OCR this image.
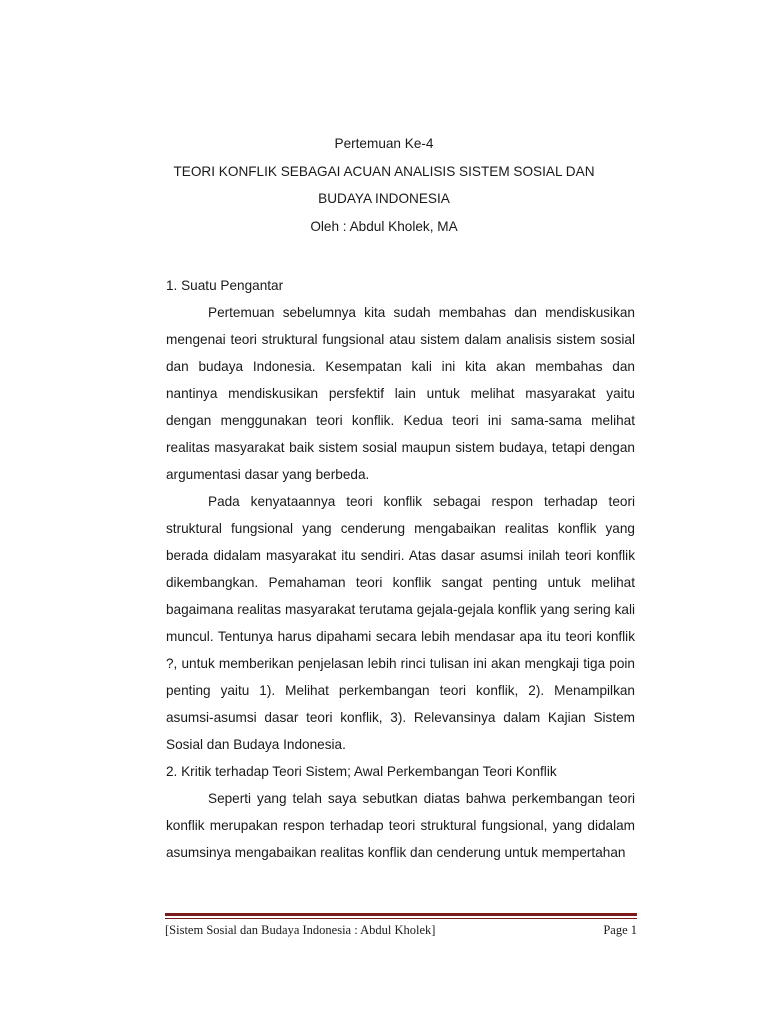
Pertemuan Ke-4
TEORI KONFLIK SEBAGAI ACUAN ANALISIS SISTEM SOSIAL DAN
BUDAYA INDONESIA
Oleh : Abdul Kholek, MA

1. Suatu Pengantar

Pertemuan sebelumnya kita sudah membahas dan mendiskusikan mengenai teori struktural fungsional atau sistem dalam analisis sistem sosial dan budaya Indonesia. Kesempatan kali ini kita akan membahas dan nantinya mendiskusikan persfektif lain untuk melihat masyarakat yaitu dengan menggunakan teori konflik. Kedua teori ini sama-sama melihat realitas masyarakat baik sistem sosial maupun sistem budaya, tetapi dengan argumentasi dasar yang berbeda.

Pada kenyataannya teori konflik sebagai respon terhadap teori struktural fungsional yang cenderung mengabaikan realitas konflik yang berada didalam masyarakat itu sendiri. Atas dasar asumsi inilah teori konflik dikembangkan. Pemahaman teori konflik sangat penting untuk melihat bagaimana realitas masyarakat terutama gejala-gejala konflik yang sering kali muncul. Tentunya harus dipahami secara lebih mendasar apa itu teori konflik ?, untuk memberikan penjelasan lebih rinci tulisan ini akan mengkaji tiga poin penting yaitu 1). Melihat perkembangan teori konflik, 2). Menampilkan asumsi-asumsi dasar teori konflik, 3). Relevansinya dalam Kajian Sistem Sosial dan Budaya Indonesia.

2. Kritik terhadap Teori Sistem; Awal Perkembangan Teori Konflik

Seperti yang telah saya sebutkan diatas bahwa perkembangan teori konflik merupakan respon terhadap teori struktural fungsional, yang didalam asumsinya mengabaikan realitas konflik dan cenderung untuk mempertahan

[Sistem Sosial dan Budaya Indonesia : Abdul Kholek]	Page 1
